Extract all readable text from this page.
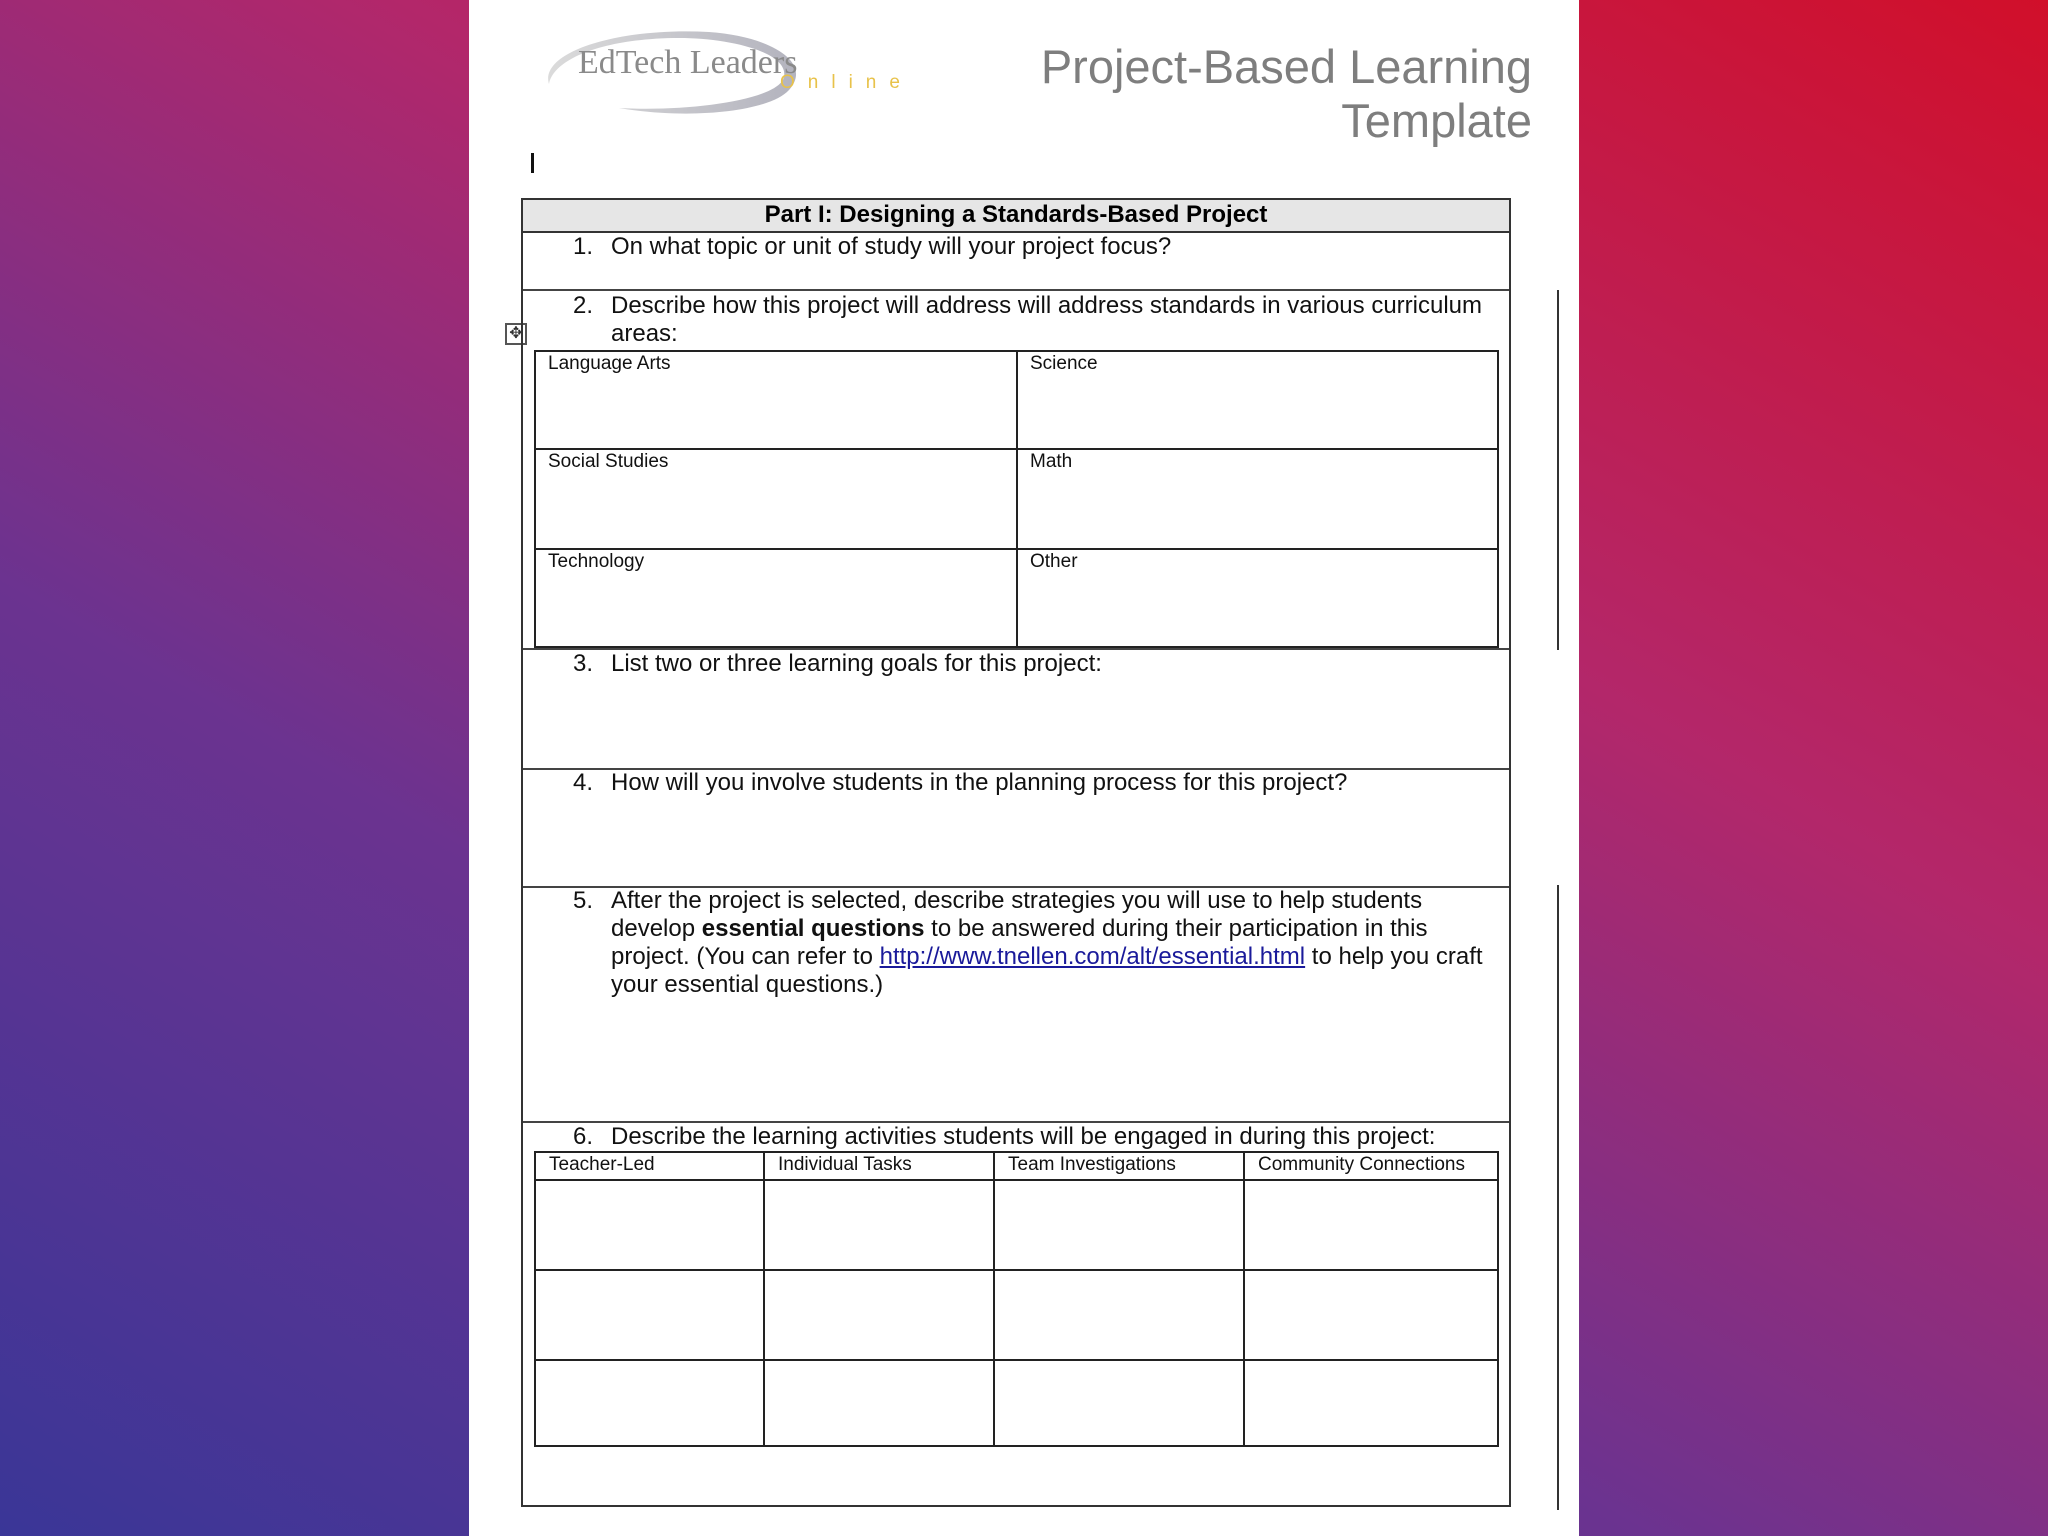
EdTech Leaders
Online	Project-Based Learning
Template
✥
Part I: Designing a Standards-Based Project
1. On what topic or unit of study will your project focus?
2. Describe how this project will address will address standards in various curriculum areas:
Language Arts	Science
Social Studies	Math
Technology	Other
3. List two or three learning goals for this project:
4. How will you involve students in the planning process for this project?
5. After the project is selected, describe strategies you will use to help students develop essential questions to be answered during their participation in this project. (You can refer to http://www.tnellen.com/alt/essential.html to help you craft your essential questions.)
6. Describe the learning activities students will be engaged in during this project:
Teacher-Led	Individual Tasks	Team Investigations	Community Connections
